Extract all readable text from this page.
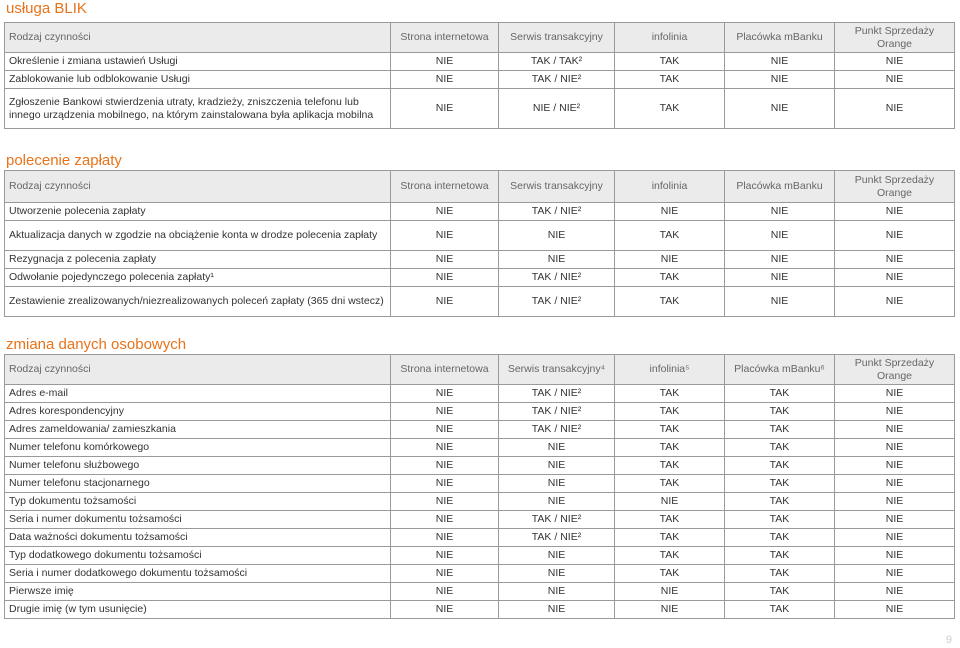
usługa BLIK
Rodzaj czynności	Strona internetowa	Serwis transakcyjny	infolinia	Placówka mBanku	Punkt Sprzedaży Orange
Określenie i zmiana ustawień Usługi	NIE	TAK / TAK²	TAK	NIE	NIE
Zablokowanie lub odblokowanie Usługi	NIE	TAK / NIE²	TAK	NIE	NIE
Zgłoszenie Bankowi stwierdzenia utraty, kradzieży, zniszczenia telefonu lub innego urządzenia mobilnego, na którym zainstalowana była aplikacja mobilna	NIE	NIE / NIE²	TAK	NIE	NIE
polecenie zapłaty
Rodzaj czynności	Strona internetowa	Serwis transakcyjny	infolinia	Placówka mBanku	Punkt Sprzedaży Orange
Utworzenie polecenia zapłaty	NIE	TAK / NIE²	NIE	NIE	NIE
Aktualizacja danych w zgodzie na obciążenie konta w drodze polecenia zapłaty	NIE	NIE	TAK	NIE	NIE
Rezygnacja z polecenia zapłaty	NIE	NIE	NIE	NIE	NIE
Odwołanie pojedynczego polecenia zapłaty¹	NIE	TAK / NIE²	TAK	NIE	NIE
Zestawienie zrealizowanych/niezrealizowanych poleceń zapłaty (365 dni wstecz)	NIE	TAK / NIE²	TAK	NIE	NIE
zmiana danych osobowych
Rodzaj czynności	Strona internetowa	Serwis transakcyjny⁴	infolinia⁵	Placówka mBanku⁶	Punkt Sprzedaży Orange
Adres e-mail	NIE	TAK / NIE²	TAK	TAK	NIE
Adres korespondencyjny	NIE	TAK / NIE²	TAK	TAK	NIE
Adres zameldowania/ zamieszkania	NIE	TAK / NIE²	TAK	TAK	NIE
Numer telefonu komórkowego	NIE	NIE	TAK	TAK	NIE
Numer telefonu służbowego	NIE	NIE	TAK	TAK	NIE
Numer telefonu stacjonarnego	NIE	NIE	TAK	TAK	NIE
Typ dokumentu tożsamości	NIE	NIE	NIE	TAK	NIE
Seria i numer dokumentu tożsamości	NIE	TAK / NIE²	TAK	TAK	NIE
Data ważności dokumentu tożsamości	NIE	TAK / NIE²	TAK	TAK	NIE
Typ dodatkowego dokumentu tożsamości	NIE	NIE	TAK	TAK	NIE
Seria i numer dodatkowego dokumentu tożsamości	NIE	NIE	TAK	TAK	NIE
Pierwsze imię	NIE	NIE	NIE	TAK	NIE
Drugie imię (w tym usunięcie)	NIE	NIE	NIE	TAK	NIE
9
